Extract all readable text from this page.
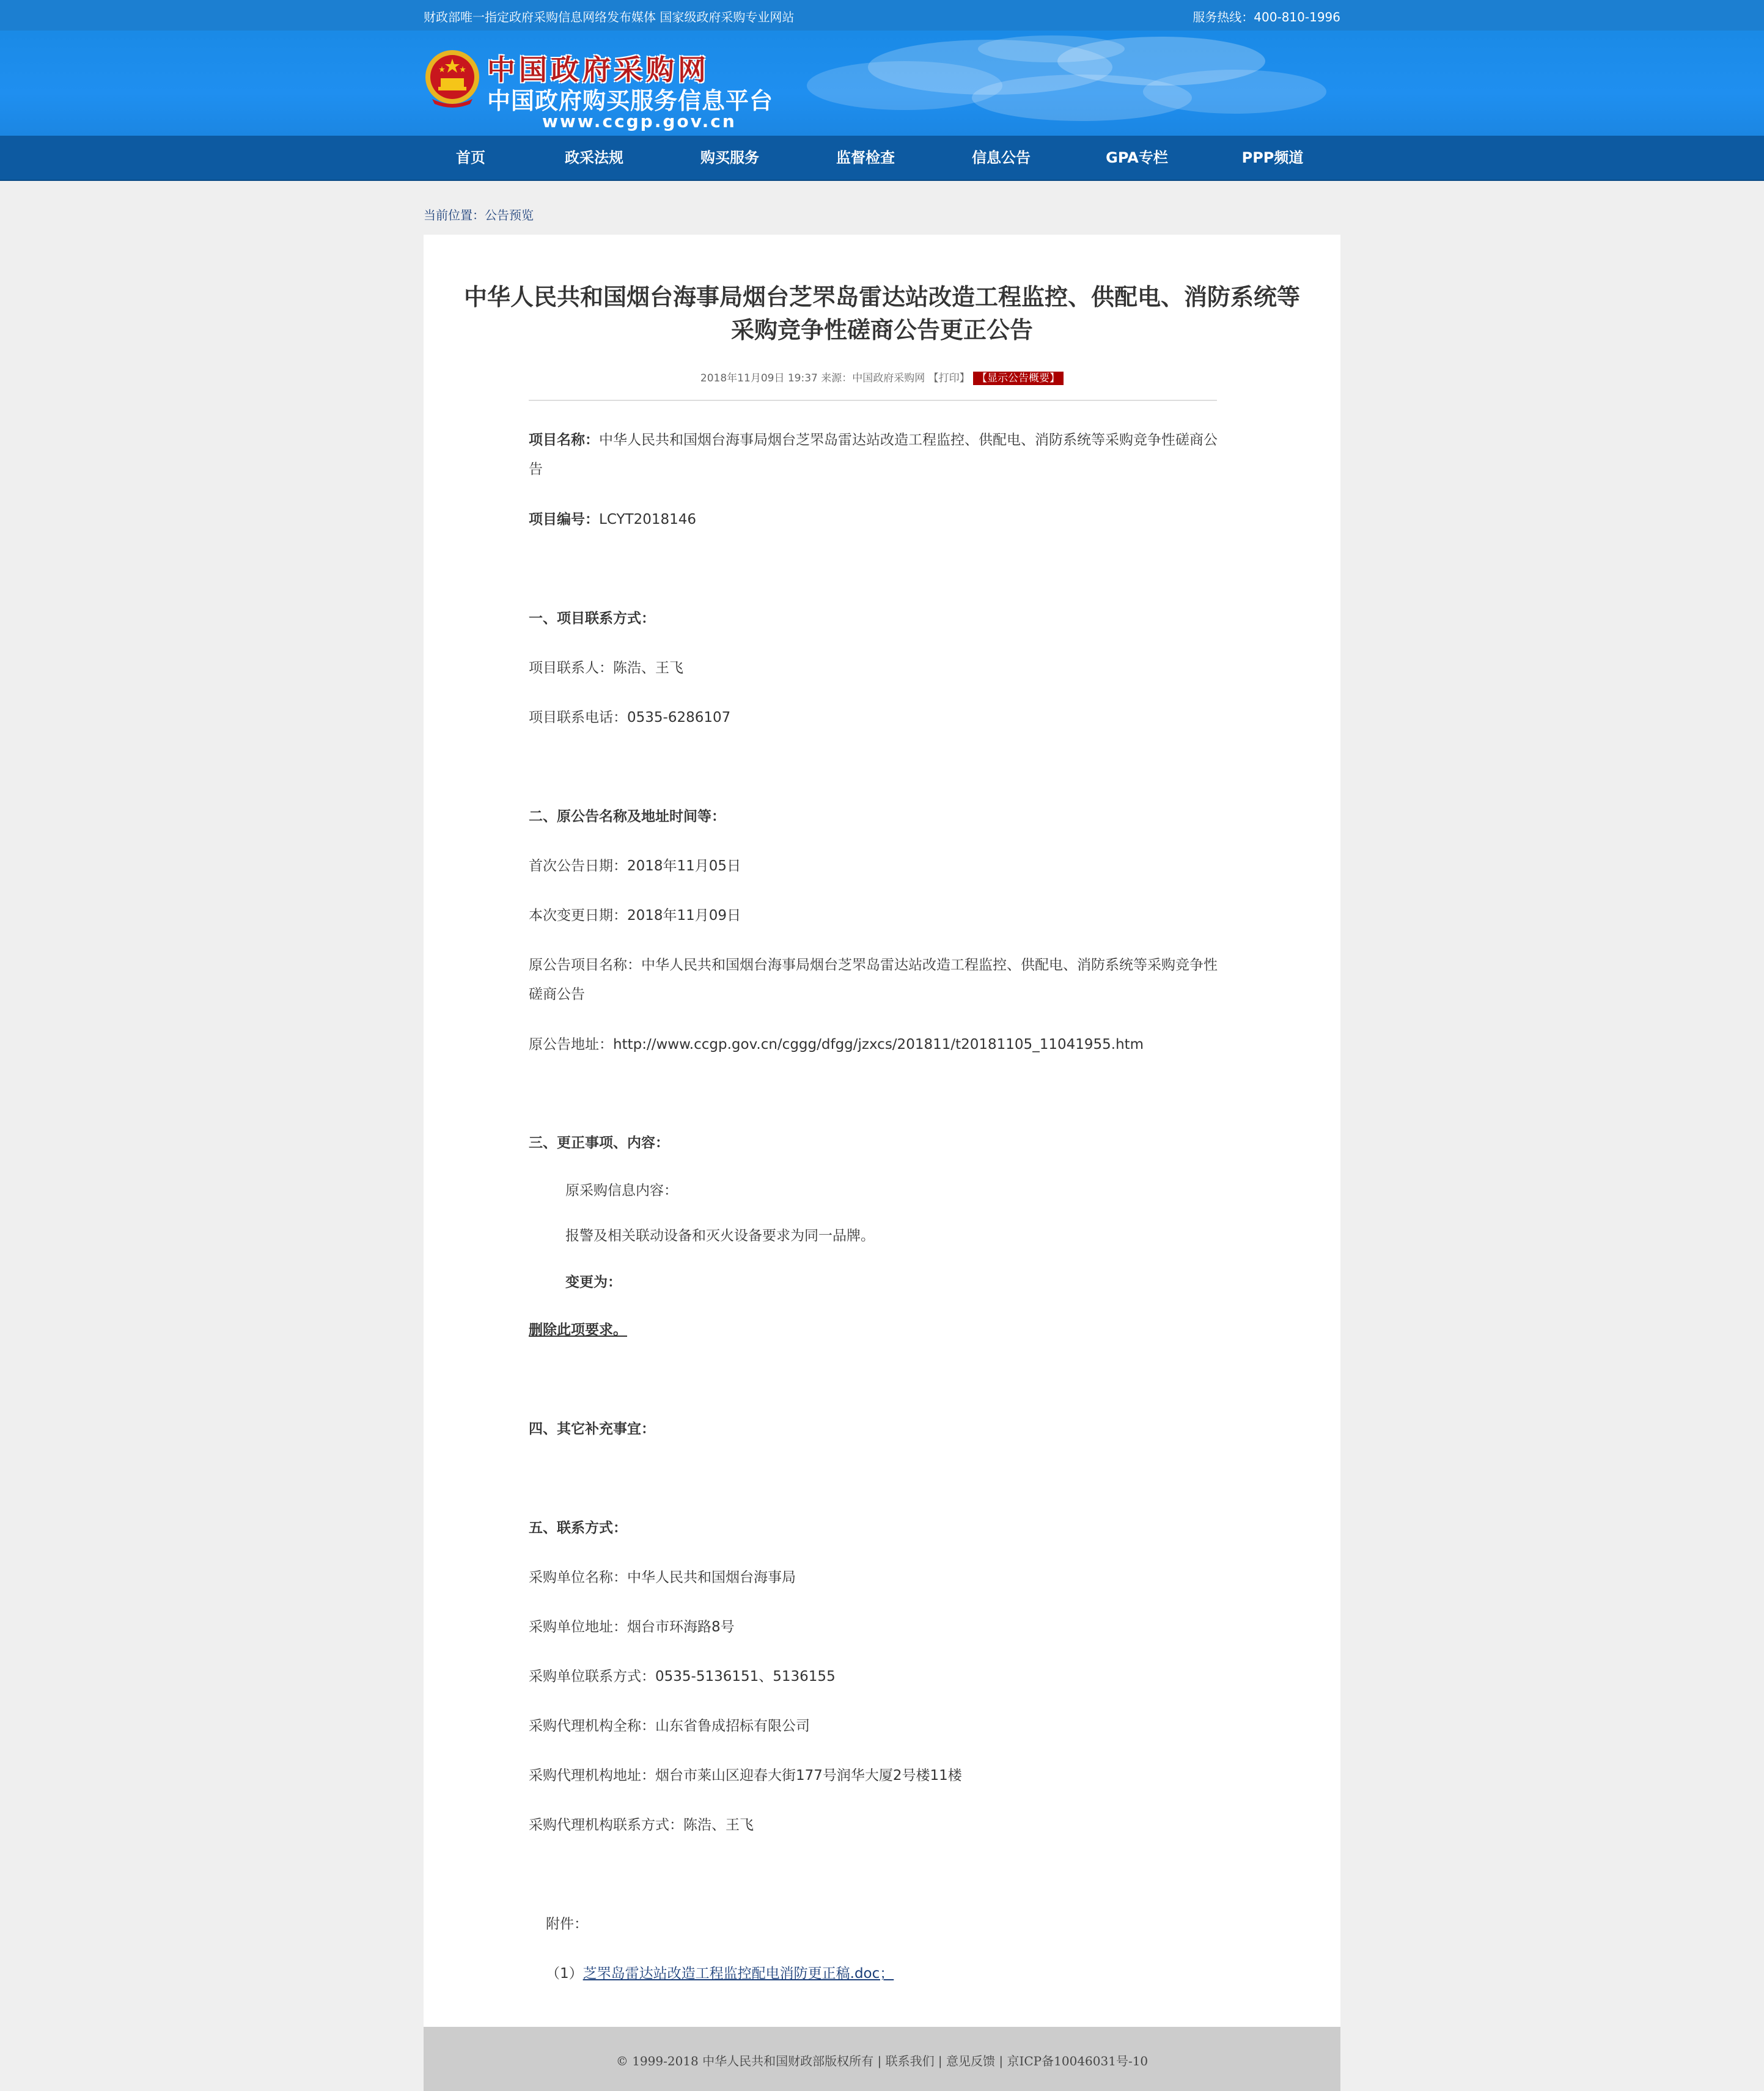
财政部唯一指定政府采购信息网络发布媒体 国家级政府采购专业网站	服务热线：400-810-1996
中国政府采购网
中国政府购买服务信息平台
www.ccgp.gov.cn
首页	政采法规	购买服务	监督检查	信息公告	GPA专栏	PPP频道
当前位置：公告预览
中华人民共和国烟台海事局烟台芝罘岛雷达站改造工程监控、供配电、消防系统等
采购竞争性磋商公告更正公告
2018年11月09日 19:37 来源：中国政府采购网 【打印】 【显示公告概要】
项目名称：中华人民共和国烟台海事局烟台芝罘岛雷达站改造工程监控、供配电、消防系统等采购竞争性磋商公告
项目编号：LCYT2018146
一、项目联系方式：
项目联系人：陈浩、王飞
项目联系电话：0535-6286107
二、原公告名称及地址时间等：
首次公告日期：2018年11月05日
本次变更日期：2018年11月09日
原公告项目名称：中华人民共和国烟台海事局烟台芝罘岛雷达站改造工程监控、供配电、消防系统等采购竞争性磋商公告
原公告地址：http://www.ccgp.gov.cn/cggg/dfgg/jzxcs/201811/t20181105_11041955.htm
三、更正事项、内容：
原采购信息内容：
报警及相关联动设备和灭火设备要求为同一品牌。
变更为：
删除此项要求。
四、其它补充事宜：
五、联系方式：
采购单位名称：中华人民共和国烟台海事局
采购单位地址：烟台市环海路8号
采购单位联系方式：0535-5136151、5136155
采购代理机构全称：山东省鲁成招标有限公司
采购代理机构地址：烟台市莱山区迎春大街177号润华大厦2号楼11楼
采购代理机构联系方式：陈浩、王飞
附件：
（1）芝罘岛雷达站改造工程监控配电消防更正稿.doc；
© 1999-2018 中华人民共和国财政部版权所有 | 联系我们 | 意见反馈 | 京ICP备10046031号-10
